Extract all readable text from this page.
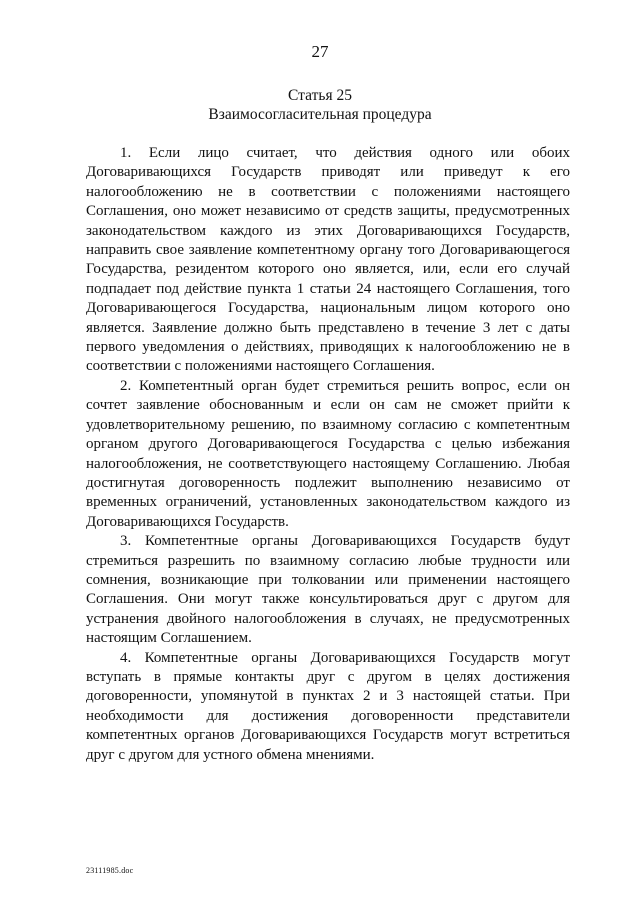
27
Статья 25
Взаимосогласительная процедура

1. Если лицо считает, что действия одного или обоих Договаривающихся Государств приводят или приведут к его налогообложению не в соответствии с положениями настоящего Соглашения, оно может независимо от средств защиты, предусмотренных законодательством каждого из этих Договаривающихся Государств, направить свое заявление компетентному органу того Договаривающегося Государства, резидентом которого оно является, или, если его случай подпадает под действие пункта 1 статьи 24 настоящего Соглашения, того Договаривающегося Государства, национальным лицом которого оно является. Заявление должно быть представлено в течение 3 лет с даты первого уведомления о действиях, приводящих к налогообложению не в соответствии с положениями настоящего Соглашения.

2. Компетентный орган будет стремиться решить вопрос, если он сочтет заявление обоснованным и если он сам не сможет прийти к удовлетворительному решению, по взаимному согласию с компетентным органом другого Договаривающегося Государства с целью избежания налогообложения, не соответствующего настоящему Соглашению. Любая достигнутая договоренность подлежит выполнению независимо от временных ограничений, установленных законодательством каждого из Договаривающихся Государств.

3. Компетентные органы Договаривающихся Государств будут стремиться разрешить по взаимному согласию любые трудности или сомнения, возникающие при толковании или применении настоящего Соглашения. Они могут также консультироваться друг с другом для устранения двойного налогообложения в случаях, не предусмотренных настоящим Соглашением.

4. Компетентные органы Договаривающихся Государств могут вступать в прямые контакты друг с другом в целях достижения договоренности, упомянутой в пунктах 2 и 3 настоящей статьи. При необходимости для достижения договоренности представители компетентных органов Договаривающихся Государств могут встретиться друг с другом для устного обмена мнениями.

23111985.doc
